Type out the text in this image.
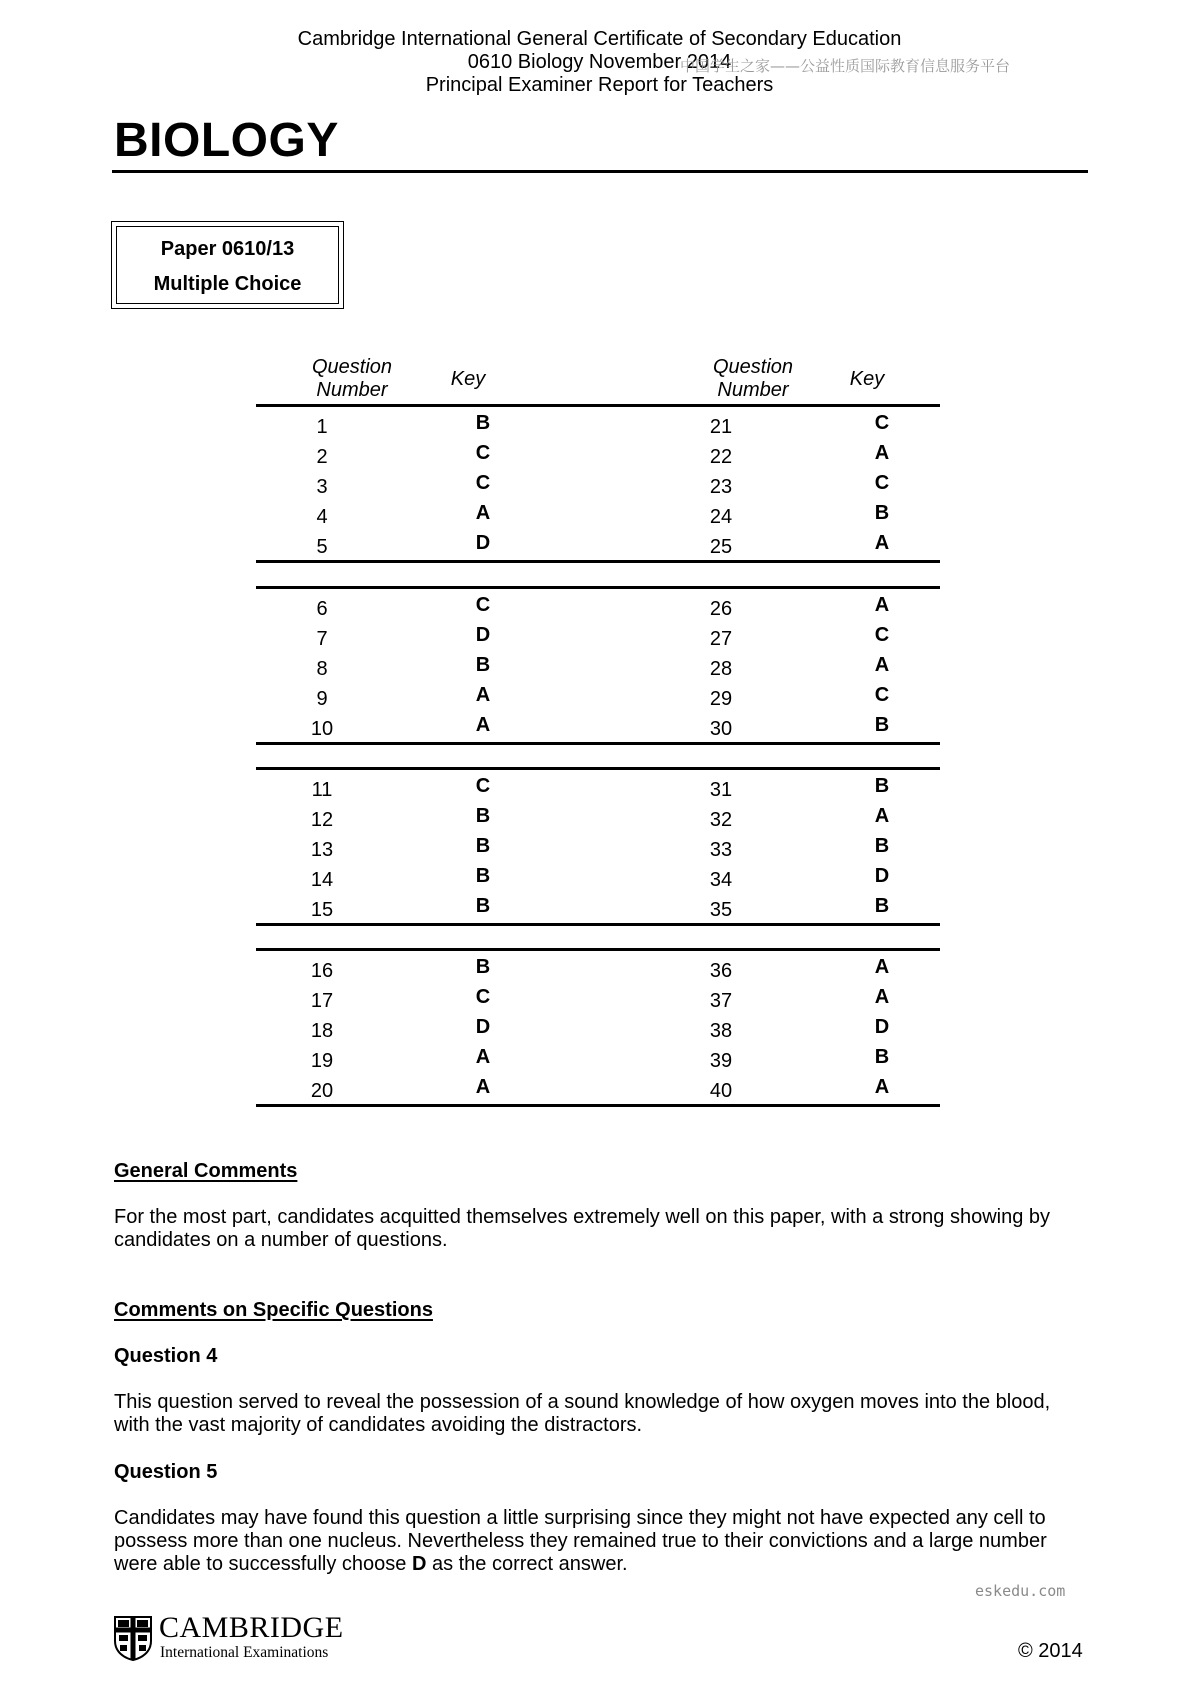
Cambridge International General Certificate of Secondary Education
0610 Biology November 2014
Principal Examiner Report for Teachers
中国学生之家——公益性质国际教育信息服务平台
BIOLOGY
Paper 0610/13
Multiple Choice
Question
Number	Key
Question
Number	Key
1	B	21	C
2	C	22	A
3	C	23	C
4	A	24	B
5	D	25	A
6	C	26	A
7	D	27	C
8	B	28	A
9	A	29	C
10	A	30	B
11	C	31	B
12	B	32	A
13	B	33	B
14	B	34	D
15	B	35	B
16	B	36	A
17	C	37	A
18	D	38	D
19	A	39	B
20	A	40	A
General Comments
For the most part, candidates acquitted themselves extremely well on this paper, with a strong showing by candidates on a number of questions.
Comments on Specific Questions
Question 4
This question served to reveal the possession of a sound knowledge of how oxygen moves into the blood, with the vast majority of candidates avoiding the distractors.
Question 5
Candidates may have found this question a little surprising since they might not have expected any cell to possess more than one nucleus. Nevertheless they remained true to their convictions and a large number were able to successfully choose D as the correct answer.
eskedu.com
CAMBRIDGE
International Examinations	© 2014
